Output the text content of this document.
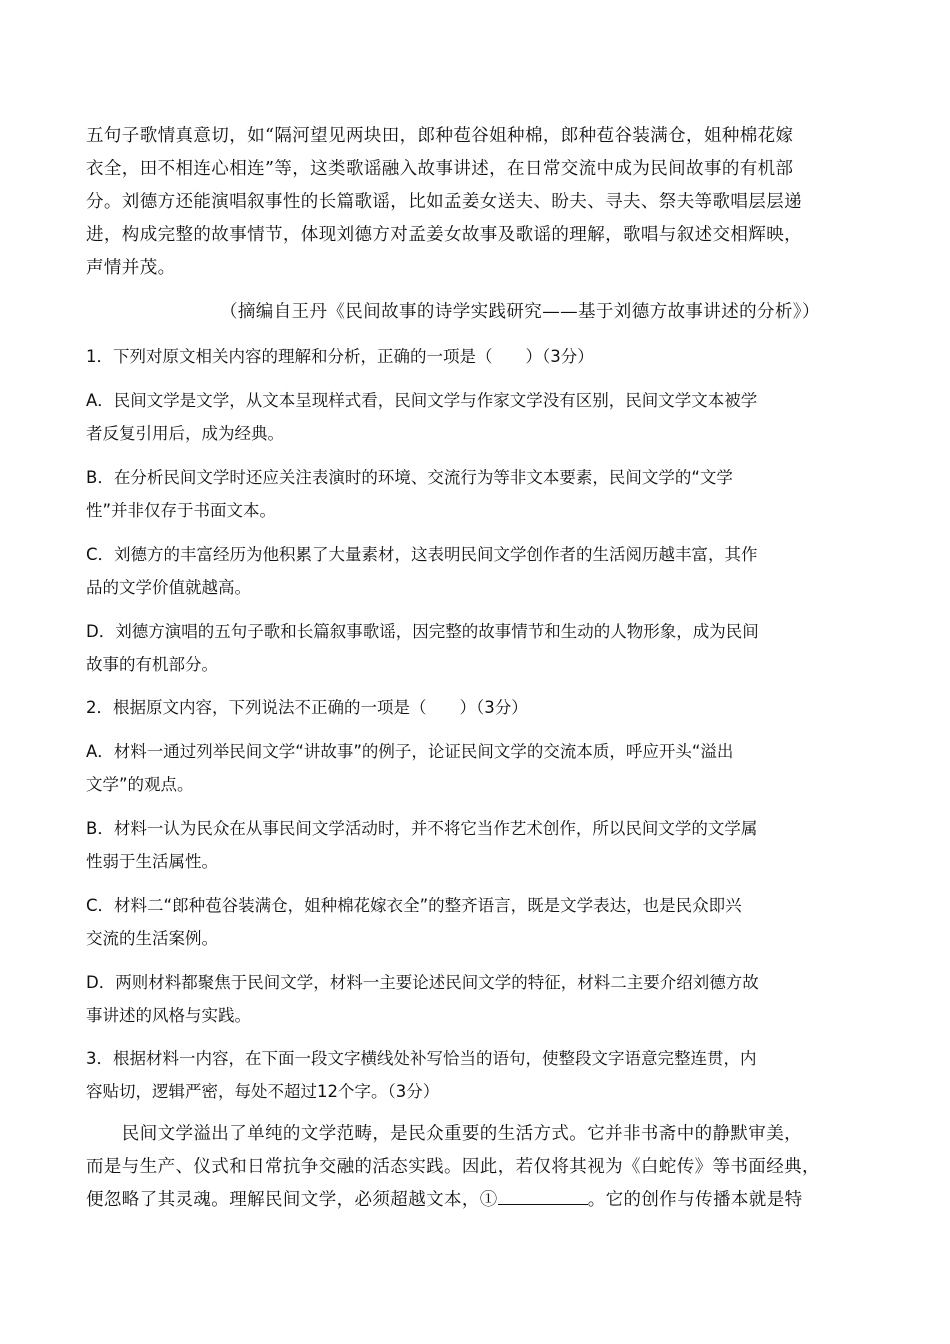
五句子歌情真意切，如“隔河望见两块田，郎种苞谷姐种棉，郎种苞谷装满仓，姐种棉花嫁
衣全，田不相连心相连”等，这类歌谣融入故事讲述，在日常交流中成为民间故事的有机部
分。刘德方还能演唱叙事性的长篇歌谣，比如孟姜女送夫、盼夫、寻夫、祭夫等歌唱层层递
进，构成完整的故事情节，体现刘德方对孟姜女故事及歌谣的理解，歌唱与叙述交相辉映，
声情并茂。
（摘编自王丹《民间故事的诗学实践研究——基于刘德方故事讲述的分析》）
1．下列对原文相关内容的理解和分析，正确的一项是（　　）（3分）
A．民间文学是文学，从文本呈现样式看，民间文学与作家文学没有区别，民间文学文本被学
者反复引用后，成为经典。
B．在分析民间文学时还应关注表演时的环境、交流行为等非文本要素，民间文学的“文学
性”并非仅存于书面文本。
C．刘德方的丰富经历为他积累了大量素材，这表明民间文学创作者的生活阅历越丰富，其作
品的文学价值就越高。
D．刘德方演唱的五句子歌和长篇叙事歌谣，因完整的故事情节和生动的人物形象，成为民间
故事的有机部分。
2．根据原文内容，下列说法不正确的一项是（　　）（3分）
A．材料一通过列举民间文学“讲故事”的例子，论证民间文学的交流本质，呼应开头“溢出
文学”的观点。
B．材料一认为民众在从事民间文学活动时，并不将它当作艺术创作，所以民间文学的文学属
性弱于生活属性。
C．材料二“郎种苞谷装满仓，姐种棉花嫁衣全”的整齐语言，既是文学表达，也是民众即兴
交流的生活案例。
D．两则材料都聚焦于民间文学，材料一主要论述民间文学的特征，材料二主要介绍刘德方故
事讲述的风格与实践。
3．根据材料一内容，在下面一段文字横线处补写恰当的语句，使整段文字语意完整连贯，内
容贴切，逻辑严密，每处不超过12个字。（3分）
　　民间文学溢出了单纯的文学范畴，是民众重要的生活方式。它并非书斋中的静默审美，
而是与生产、仪式和日常抗争交融的活态实践。因此，若仅将其视为《白蛇传》等书面经典，
便忽略了其灵魂。理解民间文学，必须超越文本，①	。它的创作与传播本就是特
